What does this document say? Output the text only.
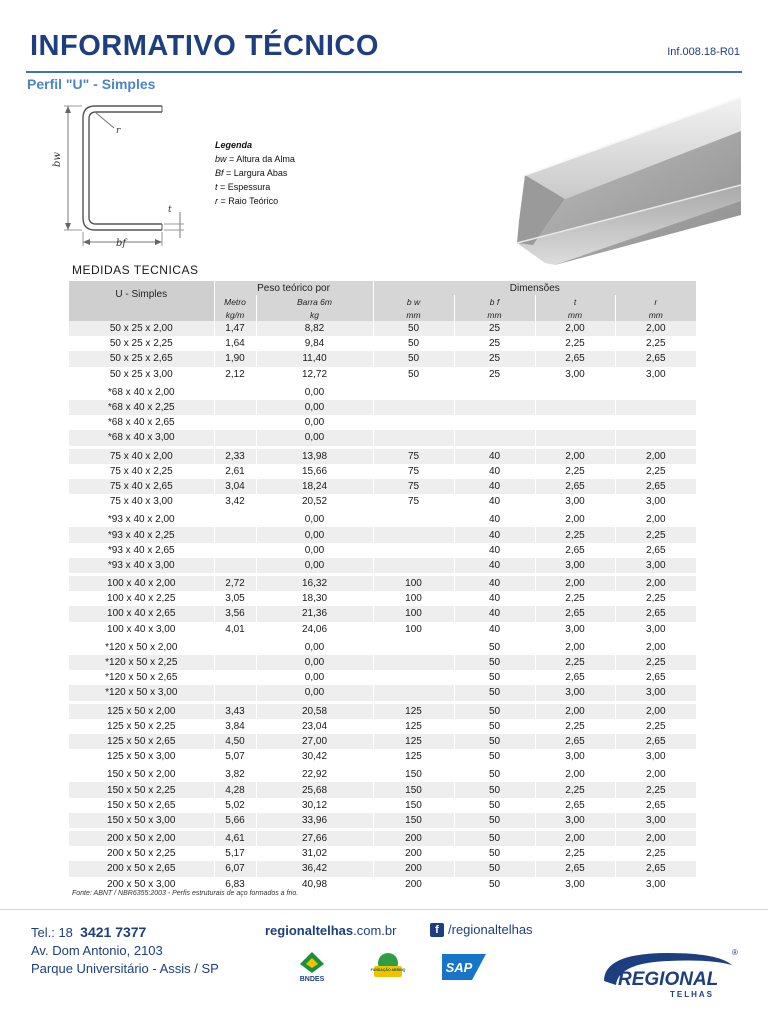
INFORMATIVO TÉCNICO	Inf.008.18-R01
Perfil "U" - Simples
bw
bf
t
r
Legenda
bw = Altura da Alma
Bf = Largura Abas
t = Espessura
r = Raio Teórico
MEDIDAS TECNICAS
U - Simples	Peso teórico por		Dimensões			
	Metro	Barra 6m	b w	b f	t	r
	kg/m	kg	mm	mm	mm	mm
50 x 25 x 2,00	1,47	8,82	50	25	2,00	2,00
50 x 25 x 2,25	1,64	9,84	50	25	2,25	2,25
50 x 25 x 2,65	1,90	11,40	50	25	2,65	2,65
50 x 25 x 3,00	2,12	12,72	50	25	3,00	3,00

*68 x 40 x 2,00		0,00				
*68 x 40 x 2,25		0,00				
*68 x 40 x 2,65		0,00				
*68 x 40 x 3,00		0,00				

75 x 40 x 2,00	2,33	13,98	75	40	2,00	2,00
75 x 40 x 2,25	2,61	15,66	75	40	2,25	2,25
75 x 40 x 2,65	3,04	18,24	75	40	2,65	2,65
75 x 40 x 3,00	3,42	20,52	75	40	3,00	3,00

*93 x 40 x 2,00		0,00		40	2,00	2,00
*93 x 40 x 2,25		0,00		40	2,25	2,25
*93 x 40 x 2,65		0,00		40	2,65	2,65
*93 x 40 x 3,00		0,00		40	3,00	3,00

100 x 40 x 2,00	2,72	16,32	100	40	2,00	2,00
100 x 40 x 2,25	3,05	18,30	100	40	2,25	2,25
100 x 40 x 2,65	3,56	21,36	100	40	2,65	2,65
100 x 40 x 3,00	4,01	24,06	100	40	3,00	3,00

*120 x 50 x 2,00		0,00		50	2,00	2,00
*120 x 50 x 2,25		0,00		50	2,25	2,25
*120 x 50 x 2,65		0,00		50	2,65	2,65
*120 x 50 x 3,00		0,00		50	3,00	3,00

125 x 50 x 2,00	3,43	20,58	125	50	2,00	2,00
125 x 50 x 2,25	3,84	23,04	125	50	2,25	2,25
125 x 50 x 2,65	4,50	27,00	125	50	2,65	2,65
125 x 50 x 3,00	5,07	30,42	125	50	3,00	3,00

150 x 50 x 2,00	3,82	22,92	150	50	2,00	2,00
150 x 50 x 2,25	4,28	25,68	150	50	2,25	2,25
150 x 50 x 2,65	5,02	30,12	150	50	2,65	2,65
150 x 50 x 3,00	5,66	33,96	150	50	3,00	3,00

200 x 50 x 2,00	4,61	27,66	200	50	2,00	2,00
200 x 50 x 2,25	5,17	31,02	200	50	2,25	2,25
200 x 50 x 2,65	6,07	36,42	200	50	2,65	2,65
200 x 50 x 3,00	6,83	40,98	200	50	3,00	3,00
Fonte: ABNT / NBR6355:2003 - Perfis estruturais de aço formados a frio.
Tel.: 18 3421 7377
Av. Dom Antonio, 2103
Parque Universitário - Assis / SP
regionaltelhas.com.br	f /regionaltelhas
BNDES
FUNDAÇÃO ABRINQ	SAP
REGIONAL
TELHAS
®
